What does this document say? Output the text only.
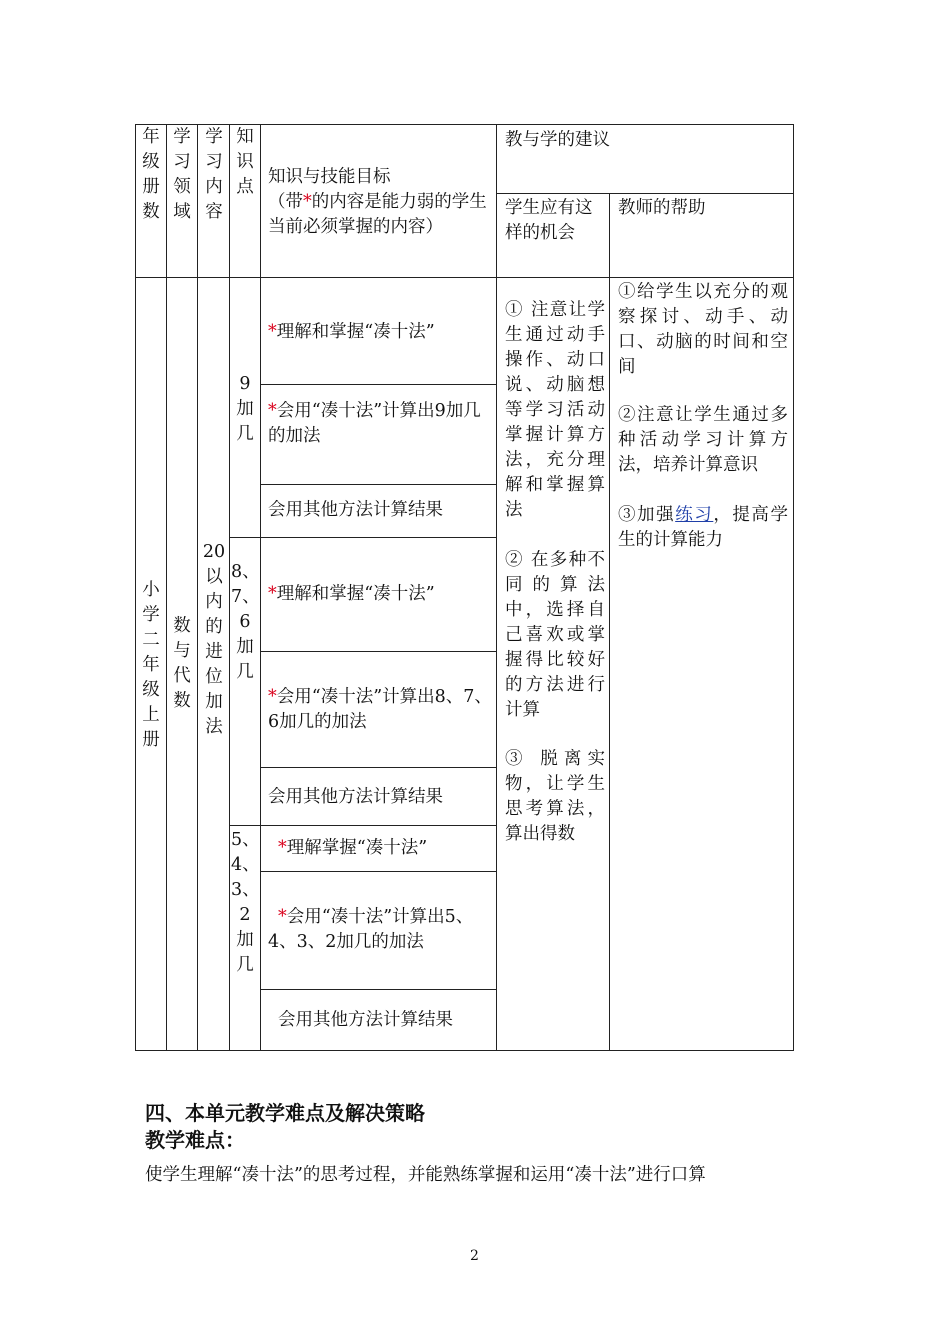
年级册数
学习领域
学习内容
知识点 知识与技能目标
（带*的内容是能力弱的学生当前必须掌握的内容）
教与学的建议
学生应有这样的机会
教师的帮助
小学二年级上册
数与代数
20以内的进位加法
9加几
8、7、6加几
5、4、3、2加几
*理解和掌握“凑十法”
*会用“凑十法”计算出9加几的加法
会用其他方法计算结果
*理解和掌握“凑十法”
*会用“凑十法”计算出8、7、6加几的加法
会用其他方法计算结果
*理解掌握“凑十法”
*会用“凑十法”计算出5、4、3、2加几的加法
会用其他方法计算结果
① 注意让学生通过动手操作、动口说、动脑想等学习活动掌握计算方法，充分理解和掌握算法
② 在多种不同的算法中，选择自己喜欢或掌握得比较好的方法进行计算
③ 脱离实物，让学生思考算法，算出得数
①给学生以充分的观察探讨、动手、动口、动脑的时间和空间
②注意让学生通过多种活动学习计算方法，培养计算意识
③加强练习，提高学生的计算能力
四、本单元教学难点及解决策略
教学难点：
使学生理解“凑十法”的思考过程，并能熟练掌握和运用“凑十法”进行口算
2
